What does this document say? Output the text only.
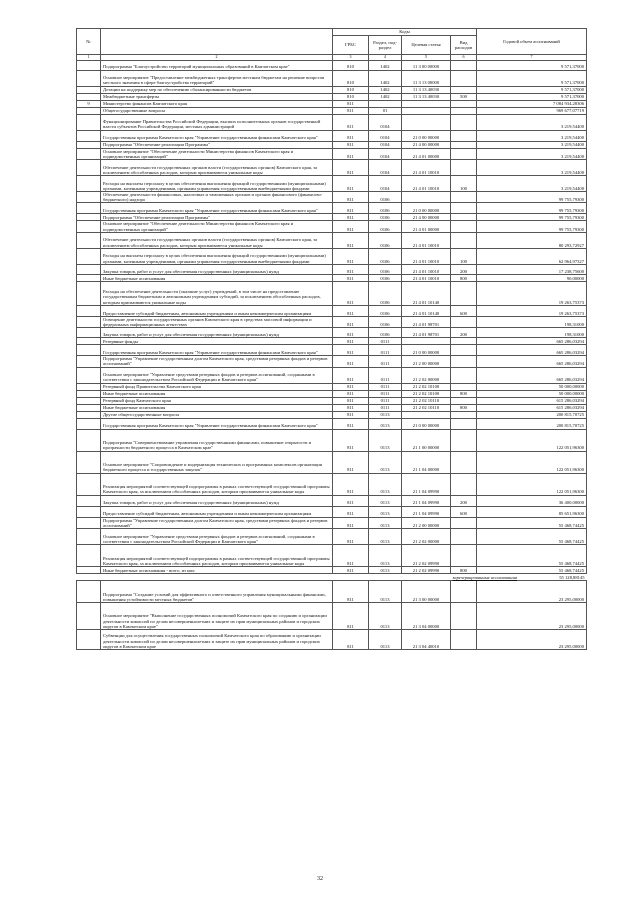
№		Коды				Годовой объем ассигнований
		ГРБС	Раздел, под-раздел	Целевая статья	Вид расходов	
1	2	3	4	5	6	7
	Подпрограмма "Благоустройство территорий муниципальных образований в Камчатском крае"	810	1402	11 3 00 00000		9 571,37000
	Основное мероприятие "Предоставление межбюджетных трансфертов местным бюджетам на решение вопросов местного значения в сфере благоустройства территорий"	810	1402	11 3 13 00000		9 571,37000
	Дотации на поддержку мер по обеспечению сбалансированности бюджетов	810	1402	11 3 13 40030		9 571,37000
	Межбюджетные трансферты	810	1402	11 3 13 40030	500	9 571,37000
9	Министерство финансов Камчатского края	811				7 084 934,28306
	Общегосударственные вопросы	811	01			969 677,07719
	Функционирование Правительства Российской Федерации, высших исполнительных органов государственной власти субъектов Российской Федерации, местных администраций	811	0104			3 219,54400
	Государственная программа Камчатского края "Управление государственными финансами Камчатского края"	811	0104	21 0 00 00000		3 219,54400
	Подпрограмма "Обеспечение реализации Программы"	811	0104	21 4 00 00000		3 219,54400
	Основное мероприятие "Обеспечение деятельности Министерства финансов Камчатского края и подведомственных организаций"	811	0104	21 4 01 00000		3 219,54400
	Обеспечение деятельности государственных органов власти (государственных органов) Камчатского края, за исключением обособленных расходов, которым присваиваются уникальные коды	811	0104	21 4 01 10010		3 219,54400
	Расходы на выплаты персоналу в целях обеспечения выполнения функций государственными (муниципальными) органами, казенными учреждениями, органами управления государственными внебюджетными фондами	811	0104	21 4 01 10010	100	3 219,54400
	Обеспечение деятельности финансовых, налоговых и таможенных органов и органов финансового (финансово-бюджетного) надзора	811	0106			99 755,79300
	Государственная программа Камчатского края "Управление государственными финансами Камчатского края"	811	0106	21 0 00 00000		99 755,79300
	Подпрограмма "Обеспечение реализации Программы"	811	0106	21 4 00 00000		99 755,79300
	Основное мероприятие "Обеспечение деятельности Министерства финансов Камчатского края и подведомственных организаций"	811	0106	21 4 01 00000		99 755,79300
	Обеспечение деятельности государственных органов власти (государственных органов) Камчатского края, за исключением обособленных расходов, которым присваиваются уникальные коды	811	0106	21 4 01 10010		80 293,72927
	Расходы на выплаты персоналу в целях обеспечения выполнения функций государственными (муниципальными) органами, казенными учреждениями, органами управления государственными внебюджетными фондами	811	0106	21 4 01 10010	100	62 964,97327
	Закупка товаров, работ и услуг для обеспечения государственных (муниципальных) нужд	811	0106	21 4 01 10010	200	17 238,75600
	Иные бюджетные ассигнования	811	0106	21 4 01 10010	800	90,00000
	Расходы на обеспечение деятельности (оказание услуг) учреждений, в том числе на предоставление государственным бюджетным и автономным учреждениям субсидий, за исключением обособленных расходов, которым присваиваются уникальные коды	811	0106	21 4 01 10140		19 263,75373
	Предоставление субсидий бюджетным, автономным учреждениям и иным некоммерческим организациям	811	0106	21 4 01 10140	600	19 263,75373
	Освещение деятельности государственных органов Камчатского края в средствах массовой информации и федеральных информационных агентствах	811	0106	21 4 01 98701		198,31000
	Закупка товаров, работ и услуг для обеспечения государственных (муниципальных) нужд	811	0106	21 4 01 98701	200	198,31000
	Резервные фонды	811	0111			665 286,03294
	Государственная программа Камчатского края "Управление государственными финансами Камчатского края"	811	0111	21 0 00 00000		665 286,03294
	Подпрограмма "Управление государственным долгом Камчатского края, средствами резервных фондов и резервов ассигнований"	811	0111	21 2 00 00000		665 286,03294
	Основное мероприятие "Управление средствами резервных фондов и резервов ассигнований, созданными в соответствии с законодательством Российской Федерации и Камчатского края"	811	0111	21 2 02 00000		665 286,03294
	Резервный фонд Правительства Камчатского края	811	0111	21 2 02 10100		50 000,00000
	Иные бюджетные ассигнования	811	0111	21 2 02 10100	800	50 000,00000
	Резервный фонд Камчатского края	811	0111	21 2 02 10110		615 286,03294
	Иные бюджетные ассигнования	811	0111	21 2 02 10110	800	615 286,03294
	Другие общегосударственные вопросы	811	0113			200 815,70725
	Государственная программа Камчатского края "Управление государственными финансами Камчатского края"	811	0113	21 0 00 00000		200 815,70725
	Подпрограмма "Совершенствование управления государственными финансами, повышение открытости и прозрачности бюджетного процесса в Камчатском крае"	811	0113	21 1 00 00000		122 051,96300
	Основное мероприятие "Сопровождение и модернизация технических и программных комплексов организации бюджетного процесса и государственных закупок"	811	0113	21 1 04 00000		122 051,96300
	Реализация мероприятий соответствующей подпрограммы в рамках соответствующей государственной программы Камчатского края, за исключением обособленных расходов, которым присваиваются уникальные коды	811	0113	21 1 04 09990		122 051,96300
	Закупка товаров, работ и услуг для обеспечения государственных (муниципальных) нужд	811	0113	21 1 04 09990	200	36 400,00000
	Предоставление субсидий бюджетным, автономным учреждениям и иным некоммерческим организациям	811	0113	21 1 04 09990	600	85 651,96300
	Подпрограмма "Управление государственным долгом Камчатского края, средствами резервных фондов и резервов ассигнований"	811	0113	21 2 00 00000		55 468,74425
	Основное мероприятие "Управление средствами резервных фондов и резервов ассигнований, созданными в соответствии с законодательством Российской Федерации и Камчатского края"	811	0113	21 2 02 00000		55 468,74425
	Реализация мероприятий соответствующей подпрограммы в рамках соответствующей государственной программы Камчатского края, за исключением обособленных расходов, которым присваиваются уникальные коды	811	0113	21 2 02 09990		55 468,74425
	Иные бюджетные ассигнования - всего, из них:	811	0113	21 2 02 09990	800	55 468,74425
					зарезервированные ассигнования	55 128,88145
	Подпрограмма "Создание условий для эффективного и ответственного управления муниципальными финансами, повышения устойчивости местных бюджетов"	811	0113	21 3 00 00000		23 295,00000
	Основное мероприятие "Выполнение государственных полномочий Камчатского края по созданию и организации деятельности комиссий по делам несовершеннолетних и защите их прав муниципальных районов и городских округов в Камчатском крае"	811	0113	21 3 04 00000		23 295,00000
	Субвенции для осуществления государственных полномочий Камчатского края по образованию и организации деятельности комиссий по делам несовершеннолетних и защите их прав муниципальных районов и городских округов в Камчатском крае	811	0113	21 3 04 40010		23 295,00000
32
